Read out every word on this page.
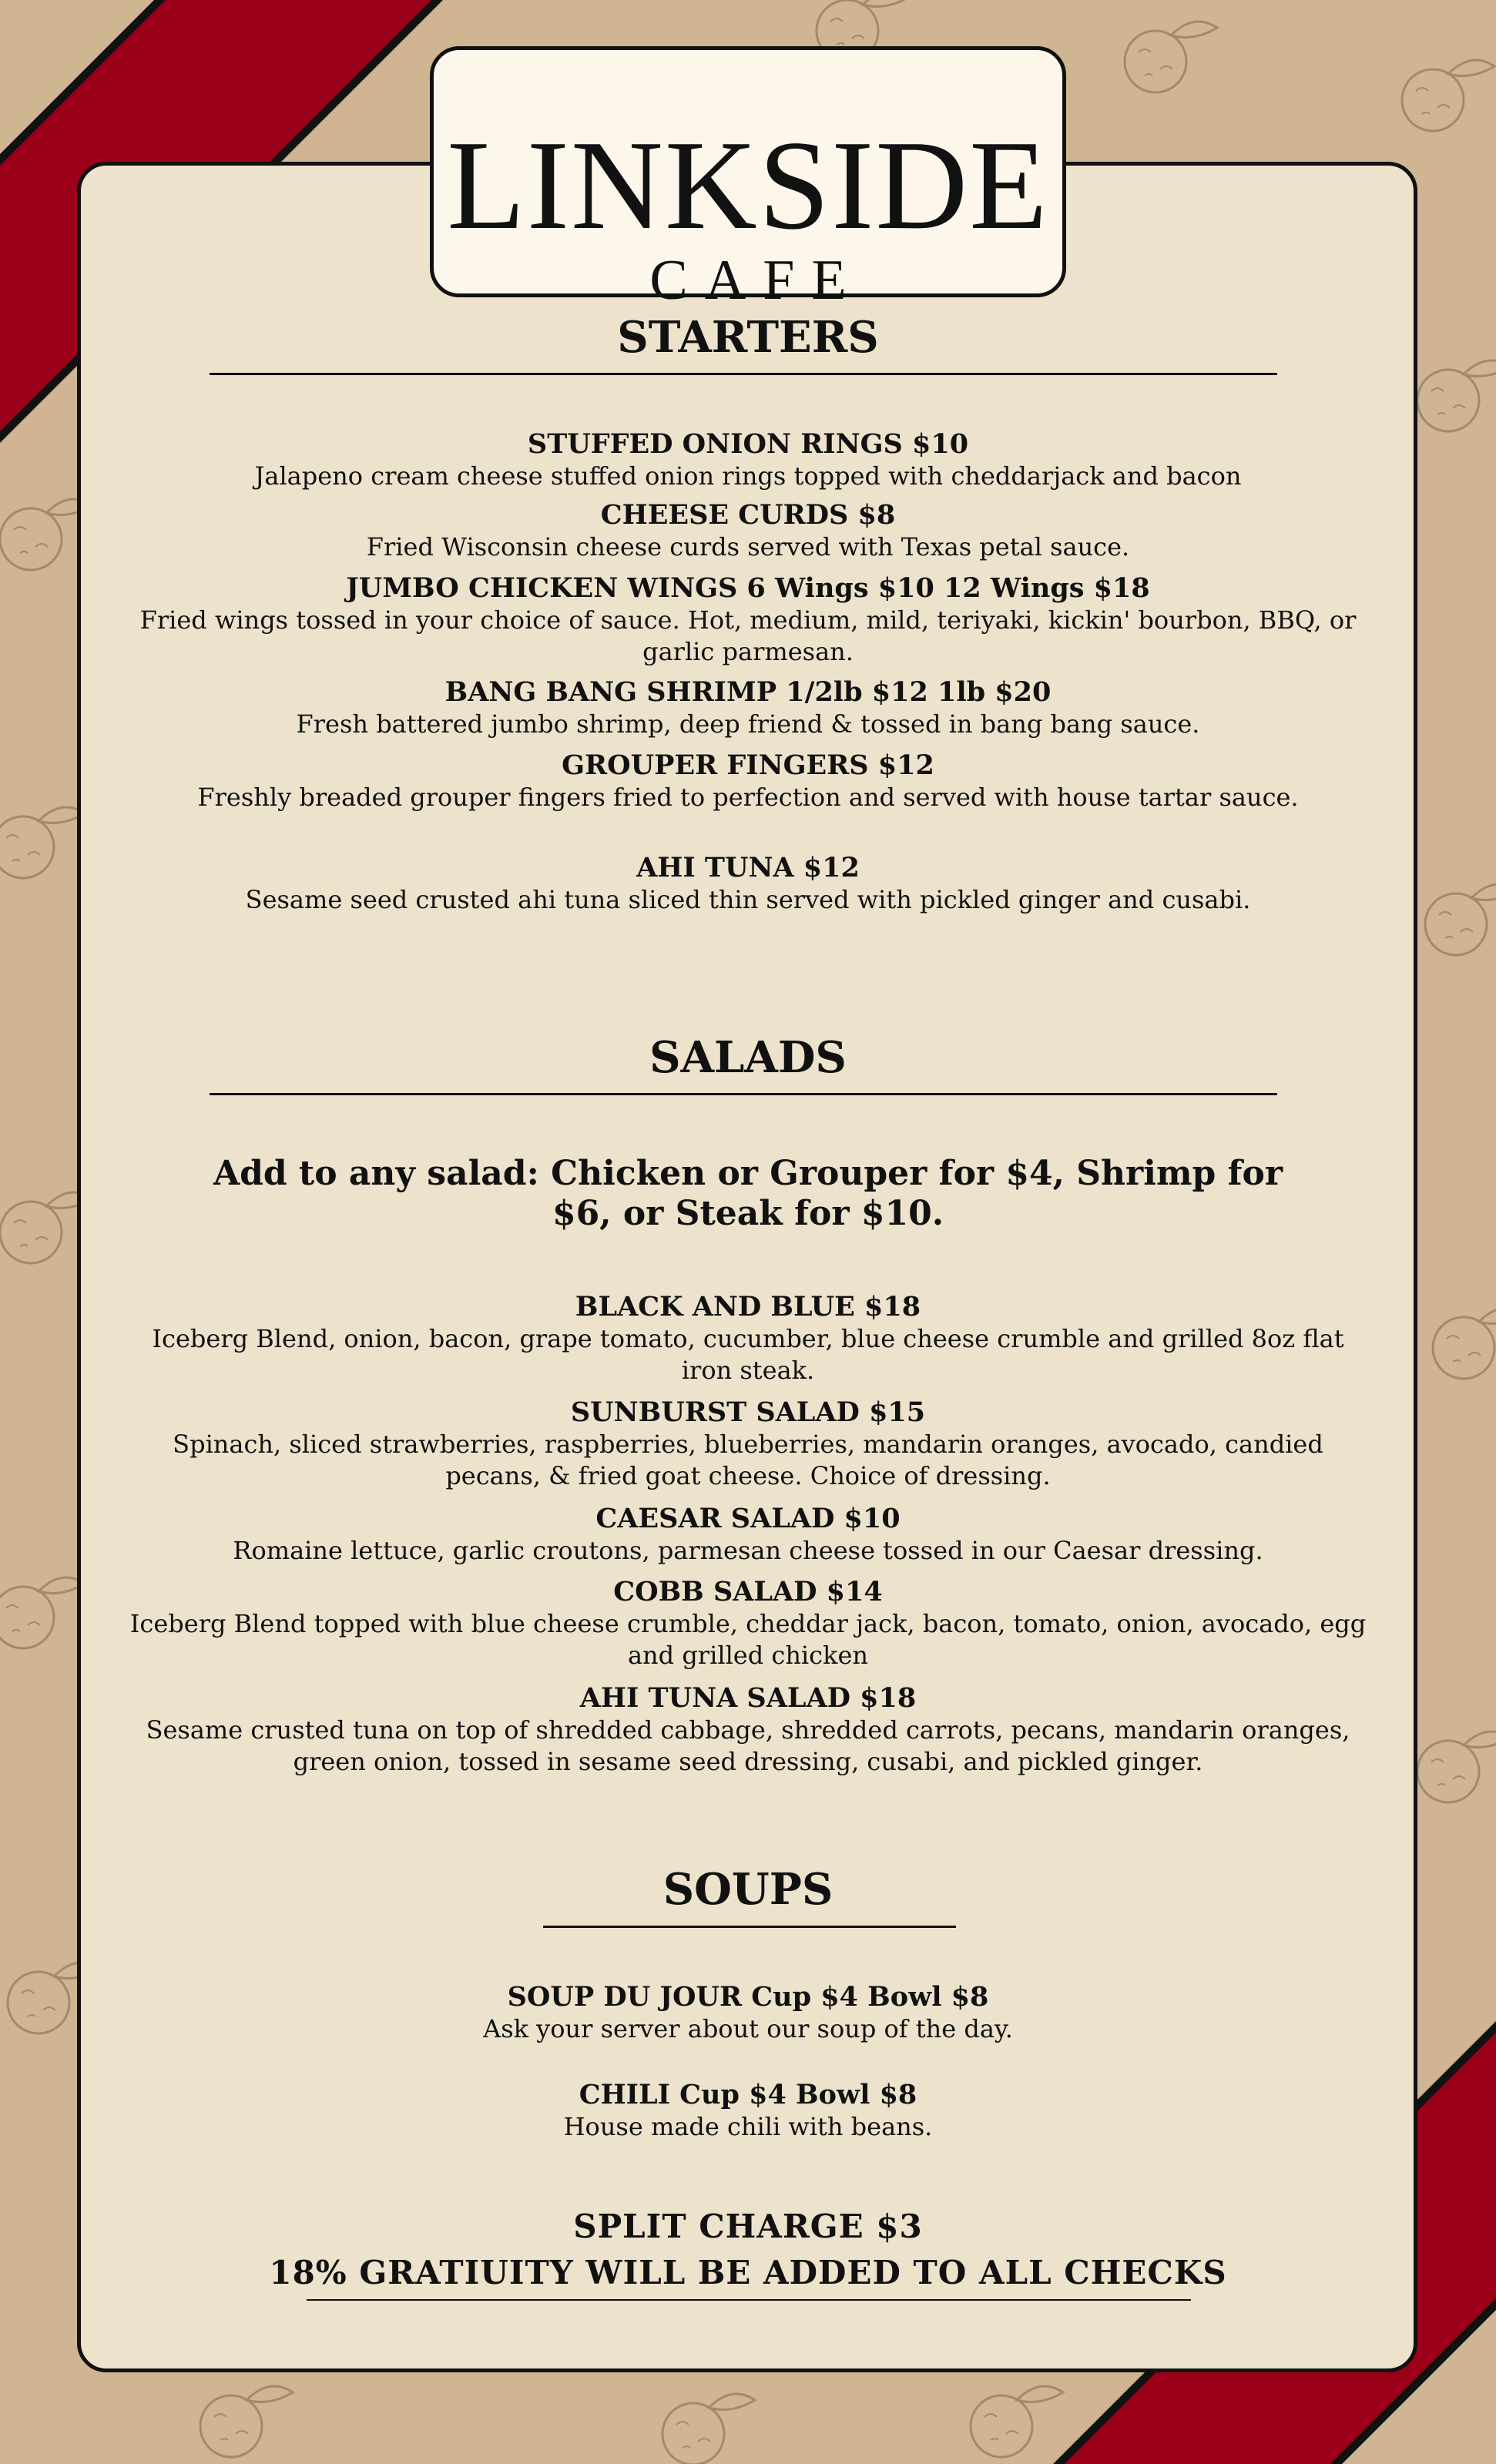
LINKSIDE

CAFE

STARTERS

STUFFED ONION RINGS $10

Jalapeno cream cheese stuffed onion rings topped with cheddarjack and bacon

CHEESE CURDS $8

Fried Wisconsin cheese curds served with Texas petal sauce.

JUMBO CHICKEN WINGS 6 Wings $10 12 Wings $18

Fried wings tossed in your choice of sauce. Hot, medium, mild, teriyaki, kickin' bourbon, BBQ, or garlic parmesan.

BANG BANG SHRIMP 1/2lb $12 1lb $20

Fresh battered jumbo shrimp, deep friend & tossed in bang bang sauce.

GROUPER FINGERS $12

Freshly breaded grouper fingers fried to perfection and served with house tartar sauce.

AHI TUNA $12

Sesame seed crusted ahi tuna sliced thin served with pickled ginger and cusabi.

SALADS

Add to any salad: Chicken or Grouper for $4, Shrimp for $6, or Steak for $10.

BLACK AND BLUE $18

Iceberg Blend, onion, bacon, grape tomato, cucumber, blue cheese crumble and grilled 8oz flat iron steak.

SUNBURST SALAD $15

Spinach, sliced strawberries, raspberries, blueberries, mandarin oranges, avocado, candied pecans, & fried goat cheese. Choice of dressing.

CAESAR SALAD $10

Romaine lettuce, garlic croutons, parmesan cheese tossed in our Caesar dressing.

COBB SALAD $14

Iceberg Blend topped with blue cheese crumble, cheddar jack, bacon, tomato, onion, avocado, egg and grilled chicken

AHI TUNA SALAD $18

Sesame crusted tuna on top of shredded cabbage, shredded carrots, pecans, mandarin oranges, green onion, tossed in sesame seed dressing, cusabi, and pickled ginger.

SOUPS

SOUP DU JOUR Cup $4 Bowl $8

Ask your server about our soup of the day.

CHILI Cup $4 Bowl $8

House made chili with beans.

SPLIT CHARGE $3

18% GRATIUITY WILL BE ADDED TO ALL CHECKS
